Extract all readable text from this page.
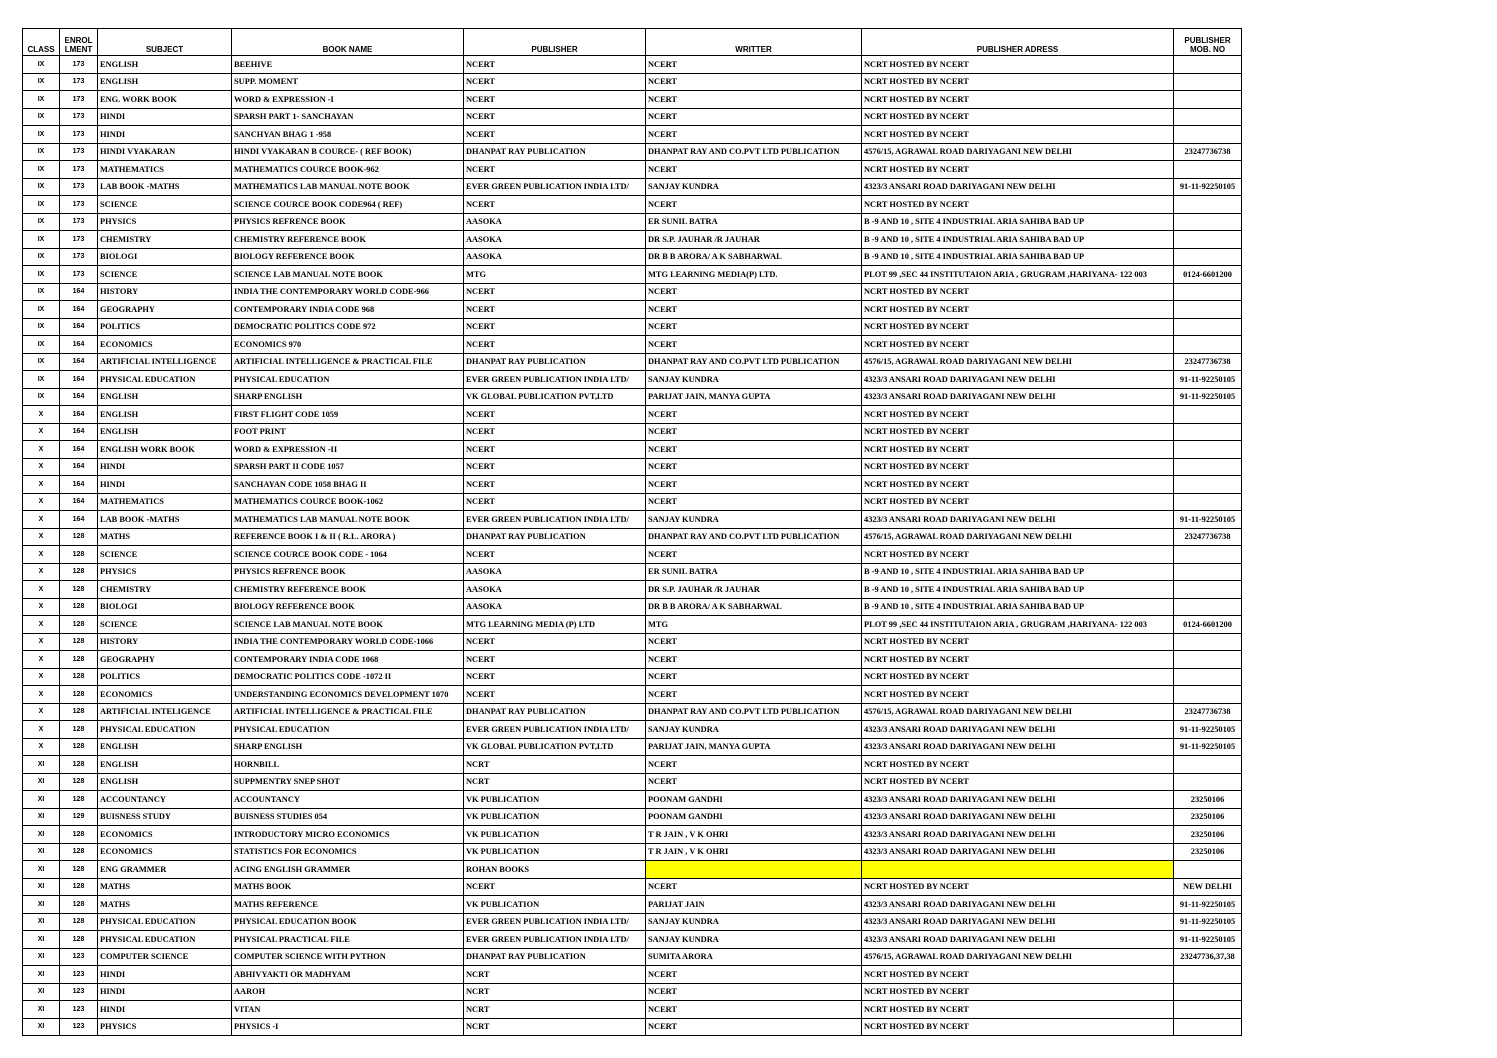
CLASS	ENROL LMENT	SUBJECT	BOOK NAME	PUBLISHER	WRITTER	PUBLISHER ADRESS	PUBLISHER MOB. NO
IX	173	ENGLISH	BEEHIVE	NCERT	NCERT	NCRT HOSTED BY NCERT	
IX	173	ENGLISH	SUPP. MOMENT	NCERT	NCERT	NCRT HOSTED BY NCERT	
IX	173	ENG. WORK BOOK	WORD & EXPRESSION -I	NCERT	NCERT	NCRT HOSTED BY NCERT	
IX	173	HINDI	SPARSH PART 1- SANCHAYAN	NCERT	NCERT	NCRT HOSTED BY NCERT	
IX	173	HINDI	SANCHYAN BHAG 1 -958	NCERT	NCERT	NCRT HOSTED BY NCERT	
IX	173	HINDI VYAKARAN	HINDI VYAKARAN B COURCE- ( REF BOOK)	DHANPAT RAY PUBLICATION	DHANPAT RAY AND CO.PVT LTD PUBLICATION	4576/15, AGRAWAL ROAD DARIYAGANI NEW DELHI	23247736738
IX	173	MATHEMATICS	MATHEMATICS COURCE BOOK-962	NCERT	NCERT	NCRT HOSTED BY NCERT	
IX	173	LAB BOOK -MATHS	MATHEMATICS LAB MANUAL NOTE BOOK	EVER GREEN PUBLICATION INDIA LTD/	SANJAY KUNDRA	4323/3 ANSARI ROAD DARIYAGANI NEW DELHI	91-11-92250105
IX	173	SCIENCE	SCIENCE COURCE BOOK CODE964 ( REF)	NCERT	NCERT	NCRT HOSTED BY NCERT	
IX	173	PHYSICS	PHYSICS REFRENCE BOOK	AASOKA	ER SUNIL BATRA	B -9 AND 10 , SITE 4 INDUSTRIAL ARIA SAHIBA BAD UP	
IX	173	CHEMISTRY	CHEMISTRY REFERENCE BOOK	AASOKA	DR S.P. JAUHAR /R JAUHAR	B -9 AND 10 , SITE 4 INDUSTRIAL ARIA SAHIBA BAD UP	
IX	173	BIOLOGI	BIOLOGY REFERENCE BOOK	AASOKA	DR B B ARORA/ A K SABHARWAL	B -9 AND 10 , SITE 4 INDUSTRIAL ARIA SAHIBA BAD UP	
IX	173	SCIENCE	SCIENCE LAB MANUAL NOTE BOOK	MTG	MTG LEARNING MEDIA(P) LTD.	PLOT 99 ,SEC 44 INSTITUTAION ARIA , GRUGRAM ,HARIYANA- 122 003	0124-6601200
IX	164	HISTORY	INDIA THE CONTEMPORARY WORLD CODE-966	NCERT	NCERT	NCRT HOSTED BY NCERT	
IX	164	GEOGRAPHY	CONTEMPORARY INDIA CODE 968	NCERT	NCERT	NCRT HOSTED BY NCERT	
IX	164	POLITICS	DEMOCRATIC POLITICS CODE 972	NCERT	NCERT	NCRT HOSTED BY NCERT	
IX	164	ECONOMICS	ECONOMICS 970	NCERT	NCERT	NCRT HOSTED BY NCERT	
IX	164	ARTIFICIAL INTELLIGENCE	ARTIFICIAL INTELLIGENCE & PRACTICAL FILE	DHANPAT RAY PUBLICATION	DHANPAT RAY AND CO.PVT LTD PUBLICATION	4576/15, AGRAWAL ROAD DARIYAGANI NEW DELHI	23247736738
IX	164	PHYSICAL EDUCATION	PHYSICAL EDUCATION	EVER GREEN PUBLICATION INDIA LTD/	SANJAY KUNDRA	4323/3 ANSARI ROAD DARIYAGANI NEW DELHI	91-11-92250105
IX	164	ENGLISH	SHARP ENGLISH	VK GLOBAL PUBLICATION PVT,LTD	PARIJAT JAIN, MANYA GUPTA	4323/3 ANSARI ROAD DARIYAGANI NEW DELHI	91-11-92250105
X	164	ENGLISH	FIRST FLIGHT CODE 1059	NCERT	NCERT	NCRT HOSTED BY NCERT	
X	164	ENGLISH	FOOT PRINT	NCERT	NCERT	NCRT HOSTED BY NCERT	
X	164	ENGLISH WORK BOOK	WORD & EXPRESSION -II	NCERT	NCERT	NCRT HOSTED BY NCERT	
X	164	HINDI	SPARSH PART II CODE 1057	NCERT	NCERT	NCRT HOSTED BY NCERT	
X	164	HINDI	SANCHAYAN CODE 1058 BHAG II	NCERT	NCERT	NCRT HOSTED BY NCERT	
X	164	MATHEMATICS	MATHEMATICS COURCE BOOK-1062	NCERT	NCERT	NCRT HOSTED BY NCERT	
X	164	LAB BOOK -MATHS	MATHEMATICS LAB MANUAL NOTE BOOK	EVER GREEN PUBLICATION INDIA LTD/	SANJAY KUNDRA	4323/3 ANSARI ROAD DARIYAGANI NEW DELHI	91-11-92250105
X	128	MATHS	REFERENCE BOOK I & II ( R.L. ARORA )	DHANPAT RAY PUBLICATION	DHANPAT RAY AND CO.PVT LTD PUBLICATION	4576/15, AGRAWAL ROAD DARIYAGANI NEW DELHI	23247736738
X	128	SCIENCE	SCIENCE COURCE BOOK CODE - 1064	NCERT	NCERT	NCRT HOSTED BY NCERT	
X	128	PHYSICS	PHYSICS REFRENCE BOOK	AASOKA	ER SUNIL BATRA	B -9 AND 10 , SITE 4 INDUSTRIAL ARIA SAHIBA BAD UP	
X	128	CHEMISTRY	CHEMISTRY REFERENCE BOOK	AASOKA	DR S.P. JAUHAR /R JAUHAR	B -9 AND 10 , SITE 4 INDUSTRIAL ARIA SAHIBA BAD UP	
X	128	BIOLOGI	BIOLOGY REFERENCE BOOK	AASOKA	DR B B ARORA/ A K SABHARWAL	B -9 AND 10 , SITE 4 INDUSTRIAL ARIA SAHIBA BAD UP	
X	128	SCIENCE	SCIENCE LAB MANUAL NOTE BOOK	MTG LEARNING MEDIA (P) LTD	MTG	PLOT 99 ,SEC 44 INSTITUTAION ARIA , GRUGRAM ,HARIYANA- 122 003	0124-6601200
X	128	HISTORY	INDIA THE CONTEMPORARY WORLD CODE-1066	NCERT	NCERT	NCRT HOSTED BY NCERT	
X	128	GEOGRAPHY	CONTEMPORARY INDIA CODE 1068	NCERT	NCERT	NCRT HOSTED BY NCERT	
X	128	POLITICS	DEMOCRATIC POLITICS CODE -1072 II	NCERT	NCERT	NCRT HOSTED BY NCERT	
X	128	ECONOMICS	UNDERSTANDING ECONOMICS DEVELOPMENT 1070	NCERT	NCERT	NCRT HOSTED BY NCERT	
X	128	ARTIFICIAL INTELIGENCE	ARTIFICIAL INTELLIGENCE & PRACTICAL FILE	DHANPAT RAY PUBLICATION	DHANPAT RAY AND CO.PVT LTD PUBLICATION	4576/15, AGRAWAL ROAD DARIYAGANI NEW DELHI	23247736738
X	128	PHYSICAL EDUCATION	PHYSICAL EDUCATION	EVER GREEN PUBLICATION INDIA LTD/	SANJAY KUNDRA	4323/3 ANSARI ROAD DARIYAGANI NEW DELHI	91-11-92250105
X	128	ENGLISH	SHARP ENGLISH	VK GLOBAL PUBLICATION PVT,LTD	PARIJAT JAIN, MANYA GUPTA	4323/3 ANSARI ROAD DARIYAGANI NEW DELHI	91-11-92250105
XI	128	ENGLISH	HORNBILL	NCRT	NCERT	NCRT HOSTED BY NCERT	
XI	128	ENGLISH	SUPPMENTRY SNEP SHOT	NCRT	NCERT	NCRT HOSTED BY NCERT	
XI	128	ACCOUNTANCY	ACCOUNTANCY	VK PUBLICATION	POONAM GANDHI	4323/3 ANSARI ROAD DARIYAGANI NEW DELHI	23250106
XI	129	BUISNESS STUDY	BUISNESS STUDIES 054	VK PUBLICATION	POONAM GANDHI	4323/3 ANSARI ROAD DARIYAGANI NEW DELHI	23250106
XI	128	ECONOMICS	INTRODUCTORY MICRO ECONOMICS	VK PUBLICATION	T R JAIN , V K OHRI	4323/3 ANSARI ROAD DARIYAGANI NEW DELHI	23250106
XI	128	ECONOMICS	STATISTICS FOR ECONOMICS	VK PUBLICATION	T R JAIN , V K OHRI	4323/3 ANSARI ROAD DARIYAGANI NEW DELHI	23250106
XI	128	ENG GRAMMER	ACING ENGLISH GRAMMER	ROHAN BOOKS			
XI	128	MATHS	MATHS BOOK	NCERT	NCERT	NCRT HOSTED BY NCERT	NEW DELHI
XI	128	MATHS	MATHS REFERENCE	VK PUBLICATION	PARIJAT JAIN	4323/3 ANSARI ROAD DARIYAGANI NEW DELHI	91-11-92250105
XI	128	PHYSICAL EDUCATION	PHYSICAL EDUCATION BOOK	EVER GREEN PUBLICATION INDIA LTD/	SANJAY KUNDRA	4323/3 ANSARI ROAD DARIYAGANI NEW DELHI	91-11-92250105
XI	128	PHYSICAL EDUCATION	PHYSICAL PRACTICAL FILE	EVER GREEN PUBLICATION INDIA LTD/	SANJAY KUNDRA	4323/3 ANSARI ROAD DARIYAGANI NEW DELHI	91-11-92250105
XI	123	COMPUTER SCIENCE	COMPUTER SCIENCE WITH PYTHON	DHANPAT RAY PUBLICATION	SUMITA ARORA	4576/15, AGRAWAL ROAD DARIYAGANI NEW DELHI	23247736,37,38
XI	123	HINDI	ABHIVYAKTI OR MADHYAM	NCRT	NCERT	NCRT HOSTED BY NCERT	
XI	123	HINDI	AAROH	NCRT	NCERT	NCRT HOSTED BY NCERT	
XI	123	HINDI	VITAN	NCRT	NCERT	NCRT HOSTED BY NCERT	
XI	123	PHYSICS	PHYSICS -I	NCRT	NCERT	NCRT HOSTED BY NCERT	
